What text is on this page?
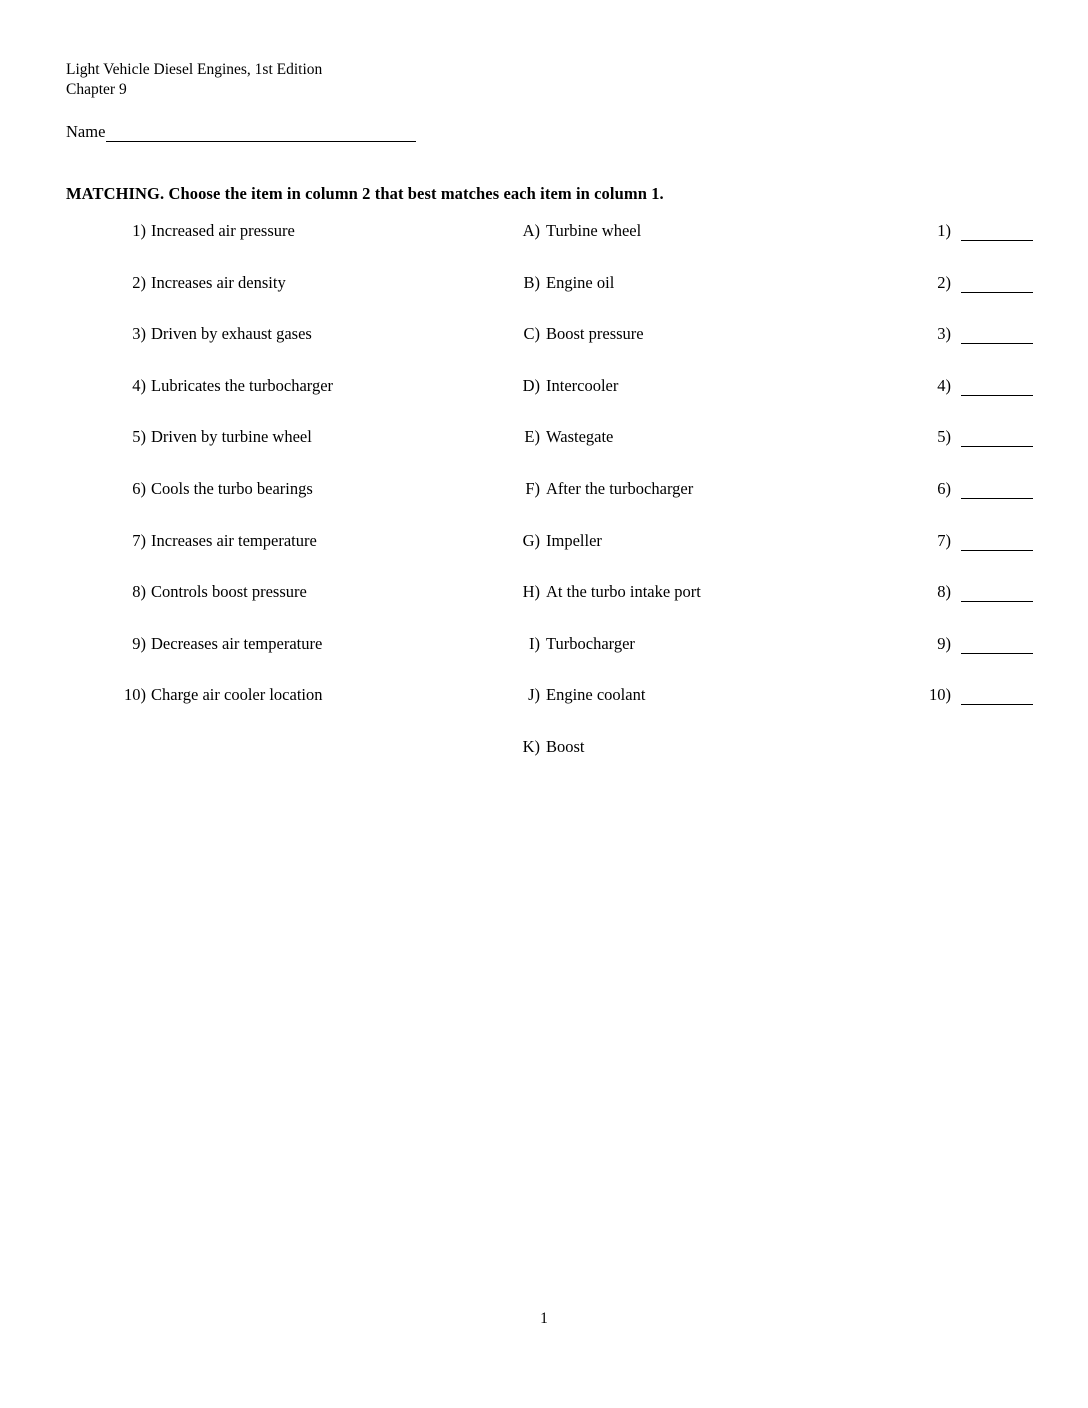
Light Vehicle Diesel Engines, 1st Edition
Chapter 9
Name
MATCHING. Choose the item in column 2 that best matches each item in column 1.
1) Increased air pressure	A) Turbine wheel	1)
2) Increases air density	B) Engine oil	2)
3) Driven by exhaust gases	C) Boost pressure	3)
4) Lubricates the turbocharger	D) Intercooler	4)
5) Driven by turbine wheel	E) Wastegate	5)
6) Cools the turbo bearings	F) After the turbocharger	6)
7) Increases air temperature	G) Impeller	7)
8) Controls boost pressure	H) At the turbo intake port	8)
9) Decreases air temperature	I) Turbocharger	9)
10) Charge air cooler location	J) Engine coolant	10)
K) Boost
1
